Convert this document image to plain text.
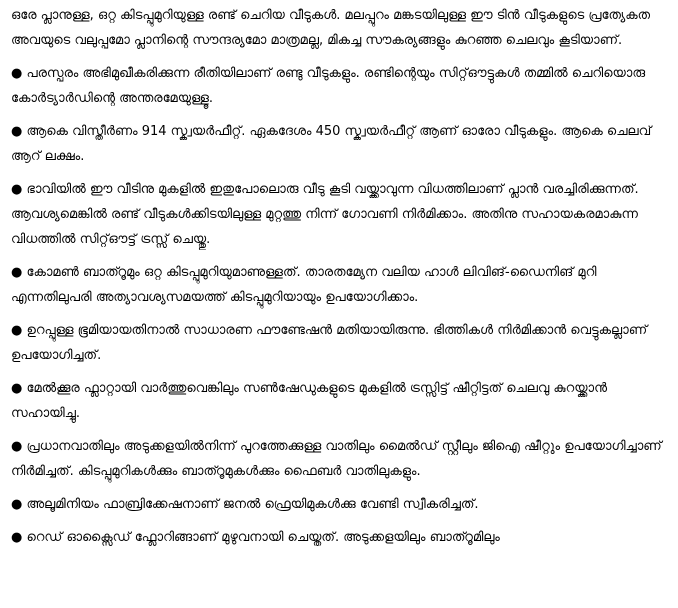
ഒരേ പ്ലാനുള്ള, ഒറ്റ കിടപ്പുമുറിയുള്ള രണ്ട് ചെറിയ വീടുകൾ. മലപ്പുറം മങ്കടയിലുള്ള ഈ ടിൻ വീടുകളുടെ പ്രത്യേകത അവയുടെ വലുപ്പമോ പ്ലാനിന്റെ സൗന്ദര്യമോ മാത്രമല്ല, മികച്ച സൗകര്യങ്ങളും കുറഞ്ഞ ചെലവും കൂടിയാണ്.

● പരസ്പരം അഭിമുഖീകരിക്കുന്ന രീതിയിലാണ് രണ്ടു വീടുകളും. രണ്ടിന്റെയും സിറ്റ്ഔട്ടുകൾ തമ്മിൽ ചെറിയൊരു കോർട്യാർഡിന്റെ അന്തരമേയുള്ളൂ.
● ആകെ വിസ്തീർണം 914 സ്ക്വയർഫീറ്റ്. ഏകദേശം 450 സ്ക്വയർഫീറ്റ് ആണ് ഓരോ വീടുകളും. ആകെ ചെലവ് ആറ് ലക്ഷം.
● ഭാവിയിൽ ഈ വീടിനു മുകളിൽ ഇതുപോലൊരു വീടു കൂടി വയ്ക്കാവുന്ന വിധത്തിലാണ് പ്ലാൻ വരച്ചിരിക്കുന്നത്. ആവശ്യമെങ്കിൽ രണ്ട് വീടുകൾക്കിടയിലുള്ള മുറ്റത്തു നിന്ന് ഗോവണി നിർമിക്കാം. അതിനു സഹായകരമാകുന്ന വിധത്തിൽ സിറ്റ്ഔട്ട് ട്രസ്സ് ചെയ്തു.
● കോമൺ ബാത്റൂമും ഒറ്റ കിടപ്പുമുറിയുമാണുള്ളത്. താരതമ്യേന വലിയ ഹാൾ ലിവിങ്-ഡൈനിങ് മുറി എന്നതിലുപരി അത്യാവശ്യസമയത്ത് കിടപ്പുമുറിയായും ഉപയോഗിക്കാം.
● ഉറപ്പുള്ള ഭൂമിയായതിനാൽ സാധാരണ ഫൗണ്ടേഷൻ മതിയായിരുന്നു. ഭിത്തികൾ നിർമിക്കാൻ വെട്ടുകല്ലാണ് ഉപയോഗിച്ചത്.
● മേൽക്കൂര ഫ്ലാറ്റായി വാർത്തുവെങ്കിലും സൺഷേഡുകളുടെ മുകളിൽ ട്രസ്സിട്ട് ഷീറ്റിട്ടത് ചെലവു കുറയ്ക്കാൻ സഹായിച്ചു.
● പ്രധാനവാതിലും അടുക്കളയിൽനിന്ന് പുറത്തേക്കുള്ള വാതിലും മൈൽഡ് സ്റ്റീലും ജിഐ ഷീറ്റും ഉപയോഗിച്ചാണ് നിർമിച്ചത്. കിടപ്പുമുറികൾക്കും ബാത്റൂമുകൾക്കും ഫൈബർ വാതിലുകളും.
● അലൂമിനിയം ഫാബ്രിക്കേഷനാണ് ജനൽ ഫ്രെയിമുകൾക്കു വേണ്ടി സ്വീകരിച്ചത്.
● റെഡ് ഓക്സൈഡ് ഫ്ലോറിങ്ങാണ് മുഴുവനായി ചെയ്തത്. അടുക്കളയിലും ബാത്റൂമിലും
